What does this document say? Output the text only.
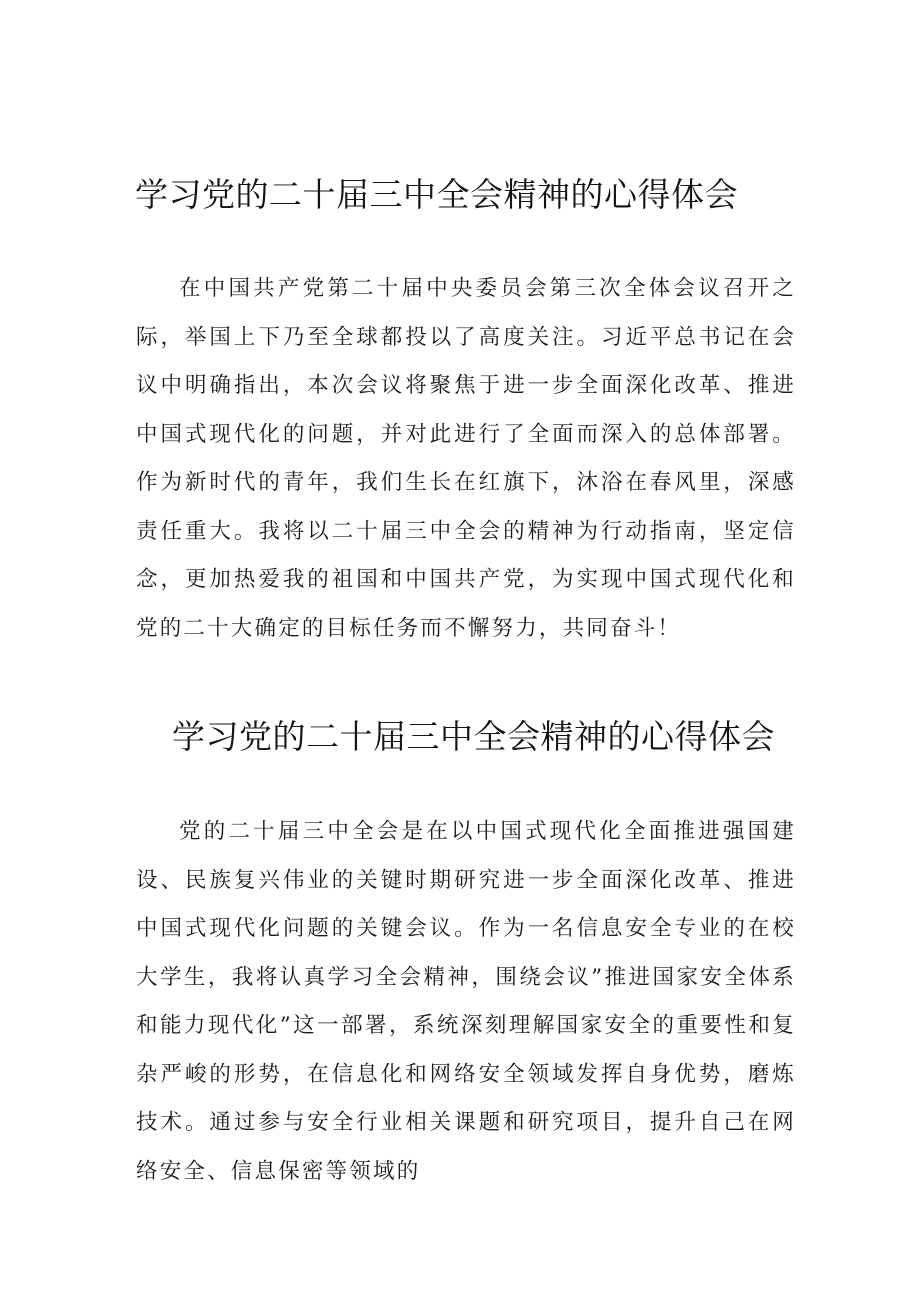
学习党的二十届三中全会精神的心得体会

在中国共产党第二十届中央委员会第三次全体会议召开之际，举国上下乃至全球都投以了高度关注。习近平总书记在会议中明确指出，本次会议将聚焦于进一步全面深化改革、推进中国式现代化的问题，并对此进行了全面而深入的总体部署。作为新时代的青年，我们生长在红旗下，沐浴在春风里，深感责任重大。我将以二十届三中全会的精神为行动指南，坚定信念，更加热爱我的祖国和中国共产党，为实现中国式现代化和党的二十大确定的目标任务而不懈努力，共同奋斗！

学习党的二十届三中全会精神的心得体会

党的二十届三中全会是在以中国式现代化全面推进强国建设、民族复兴伟业的关键时期研究进一步全面深化改革、推进中国式现代化问题的关键会议。作为一名信息安全专业的在校大学生，我将认真学习全会精神，围绕会议”推进国家安全体系和能力现代化”这一部署，系统深刻理解国家安全的重要性和复杂严峻的形势，在信息化和网络安全领域发挥自身优势，磨炼技术。通过参与安全行业相关课题和研究项目，提升自己在网络安全、信息保密等领域的
